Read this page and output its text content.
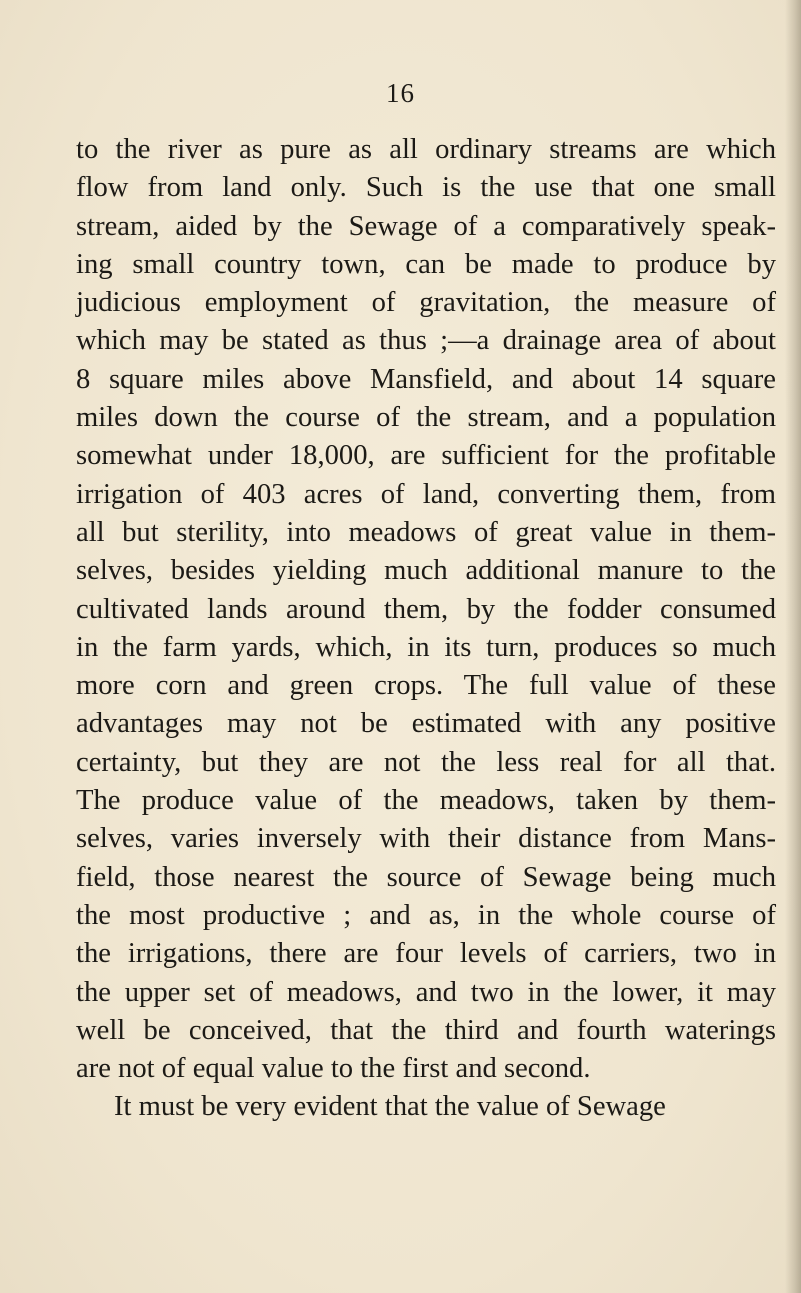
16
to the river as pure as all ordinary streams are which
flow from land only. Such is the use that one small
stream, aided by the Sewage of a comparatively speak-
ing small country town, can be made to produce by
judicious employment of gravitation, the measure of
which may be stated as thus ;—a drainage area of about
8 square miles above Mansfield, and about 14 square
miles down the course of the stream, and a population
somewhat under 18,000, are sufficient for the profitable
irrigation of 403 acres of land, converting them, from
all but sterility, into meadows of great value in them-
selves, besides yielding much additional manure to the
cultivated lands around them, by the fodder consumed
in the farm yards, which, in its turn, produces so much
more corn and green crops. The full value of these
advantages may not be estimated with any positive
certainty, but they are not the less real for all that.
The produce value of the meadows, taken by them-
selves, varies inversely with their distance from Mans-
field, those nearest the source of Sewage being much
the most productive ; and as, in the whole course of
the irrigations, there are four levels of carriers, two in
the upper set of meadows, and two in the lower, it may
well be conceived, that the third and fourth waterings
are not of equal value to the first and second.
It must be very evident that the value of Sewage
